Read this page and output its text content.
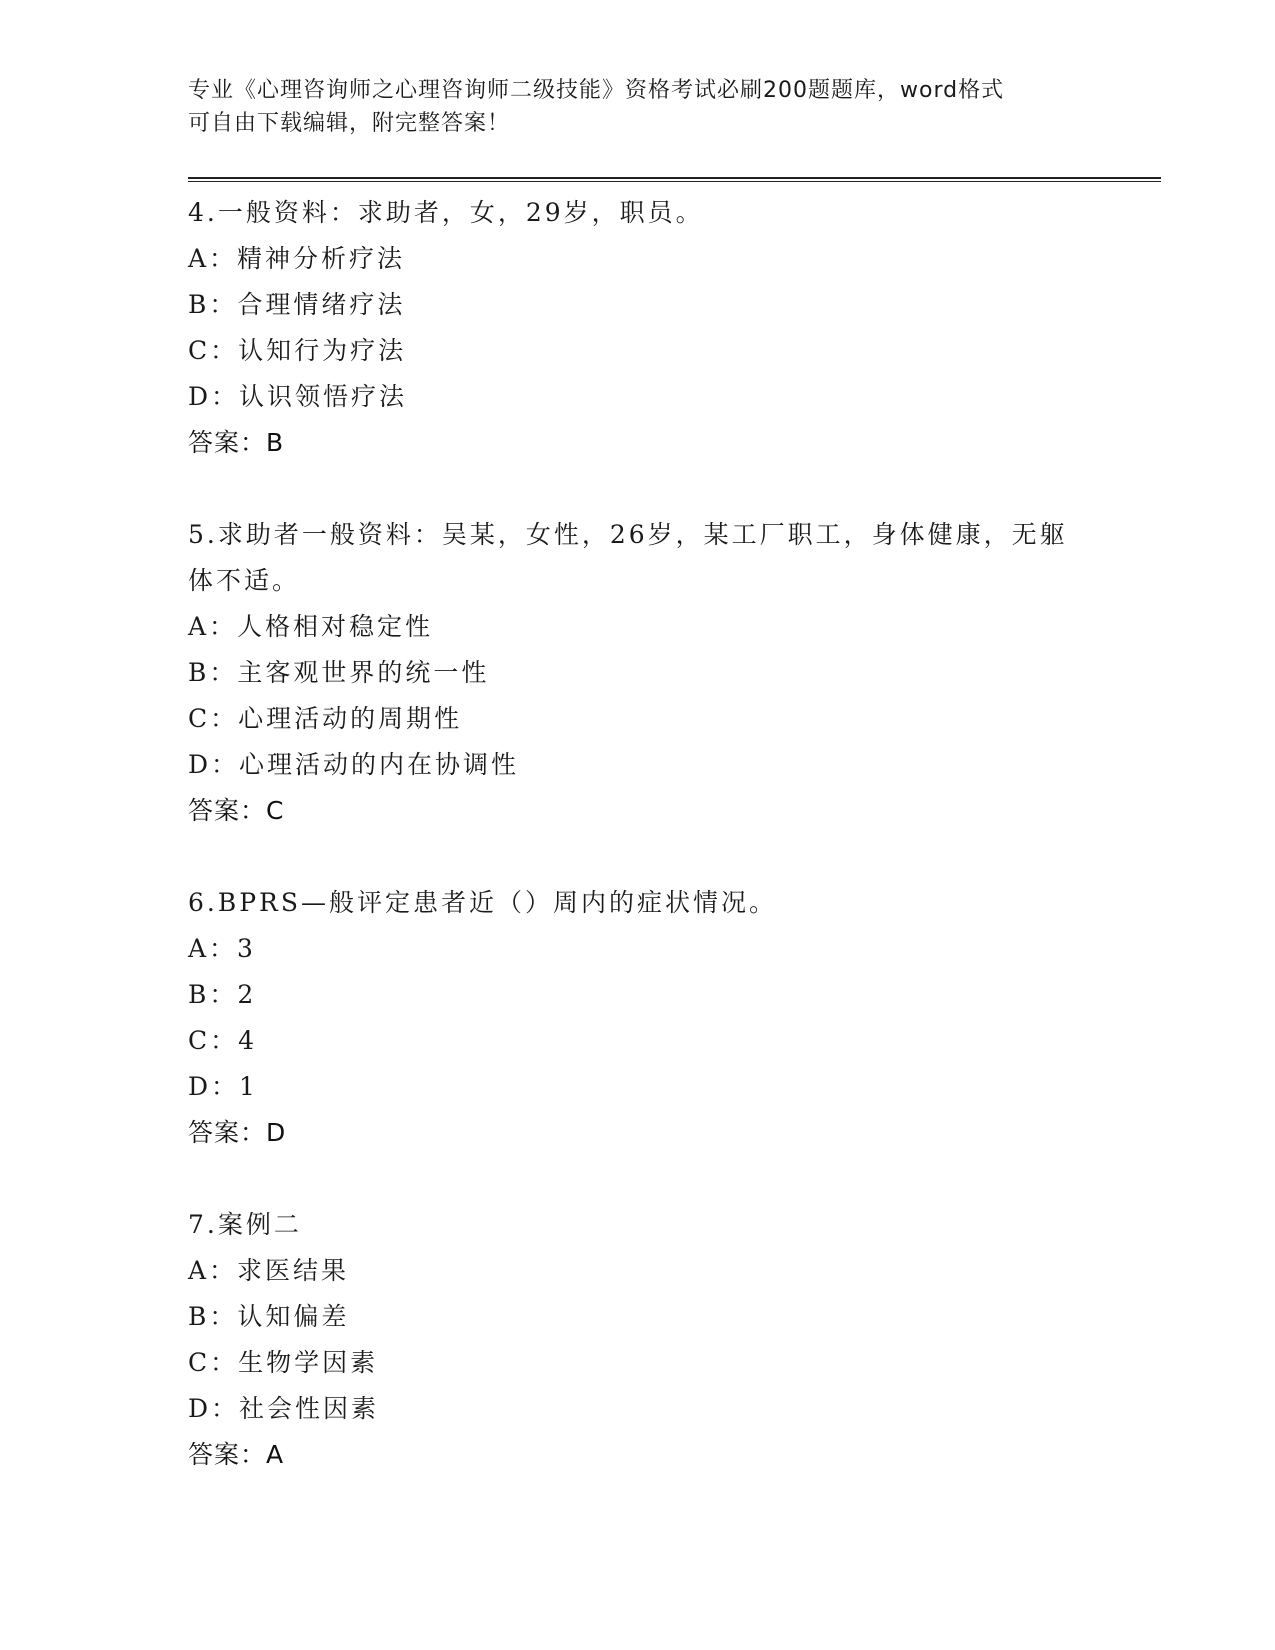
专业《心理咨询师之心理咨询师二级技能》资格考试必刷200题题库，word格式
可自由下载编辑，附完整答案！
4.一般资料：求助者，女，29岁，职员。
A：精神分析疗法
B：合理情绪疗法
C：认知行为疗法
D：认识领悟疗法
答案：B
5.求助者一般资料：吴某，女性，26岁，某工厂职工，身体健康，无躯体不适。
A：人格相对稳定性
B：主客观世界的统一性
C：心理活动的周期性
D：心理活动的内在协调性
答案：C
6.BPRS—般评定患者近（）周内的症状情况。
A：3
B：2
C：4
D：1
答案：D
7.案例二
A：求医结果
B：认知偏差
C：生物学因素
D：社会性因素
答案：A
